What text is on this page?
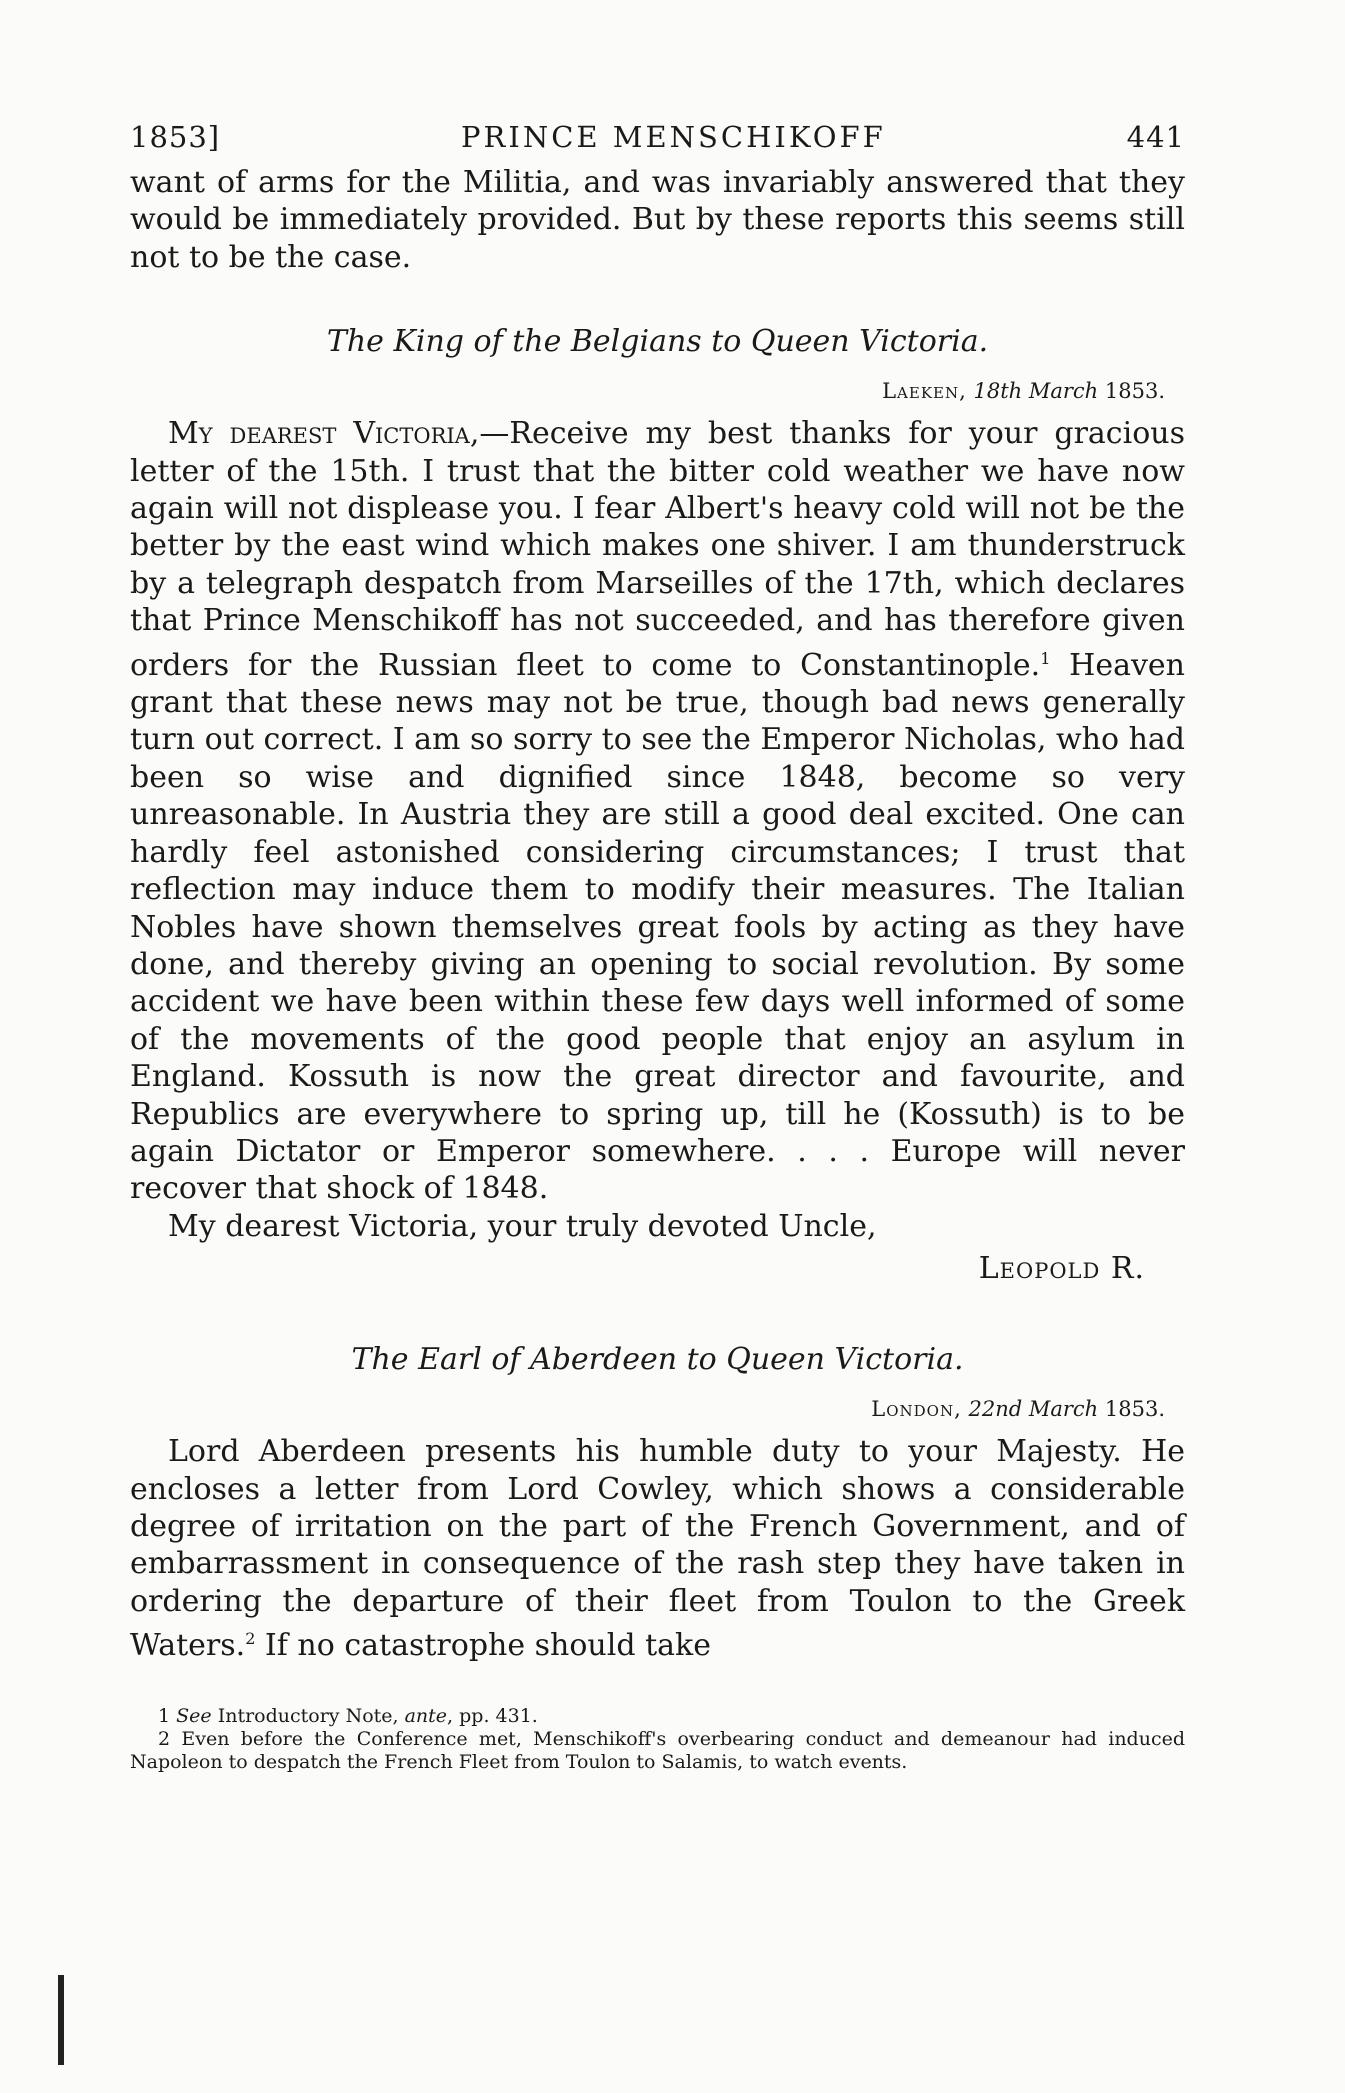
1853]	PRINCE MENSCHIKOFF	441

want of arms for the Militia, and was invariably answered that they would be immediately provided. But by these reports this seems still not to be the case.

The King of the Belgians to Queen Victoria.
Laeken, 18th March 1853.

My dearest Victoria,—Receive my best thanks for your gracious letter of the 15th. I trust that the bitter cold weather we have now again will not displease you. I fear Albert's heavy cold will not be the better by the east wind which makes one shiver. I am thunderstruck by a telegraph despatch from Marseilles of the 17th, which declares that Prince Menschikoff has not succeeded, and has therefore given orders for the Russian fleet to come to Constantinople.$^1$ Heaven grant that these news may not be true, though bad news generally turn out correct. I am so sorry to see the Emperor Nicholas, who had been so wise and dignified since 1848, become so very unreasonable. In Austria they are still a good deal excited. One can hardly feel astonished considering circumstances; I trust that reflection may induce them to modify their measures. The Italian Nobles have shown themselves great fools by acting as they have done, and thereby giving an opening to social revolution. By some accident we have been within these few days well informed of some of the movements of the good people that enjoy an asylum in England. Kossuth is now the great director and favourite, and Republics are everywhere to spring up, till he (Kossuth) is to be again Dictator or Emperor somewhere. . . . Europe will never recover that shock of 1848.

My dearest Victoria, your truly devoted Uncle,

Leopold R.
The Earl of Aberdeen to Queen Victoria.
London, 22nd March 1853.

Lord Aberdeen presents his humble duty to your Majesty. He encloses a letter from Lord Cowley, which shows a considerable degree of irritation on the part of the French Government, and of embarrassment in consequence of the rash step they have taken in ordering the departure of their fleet from Toulon to the Greek Waters.$^2$ If no catastrophe should take

1 See Introductory Note, ante, pp. 431.

2 Even before the Conference met, Menschikoff's overbearing conduct and demeanour had induced Napoleon to despatch the French Fleet from Toulon to Salamis, to watch events.
